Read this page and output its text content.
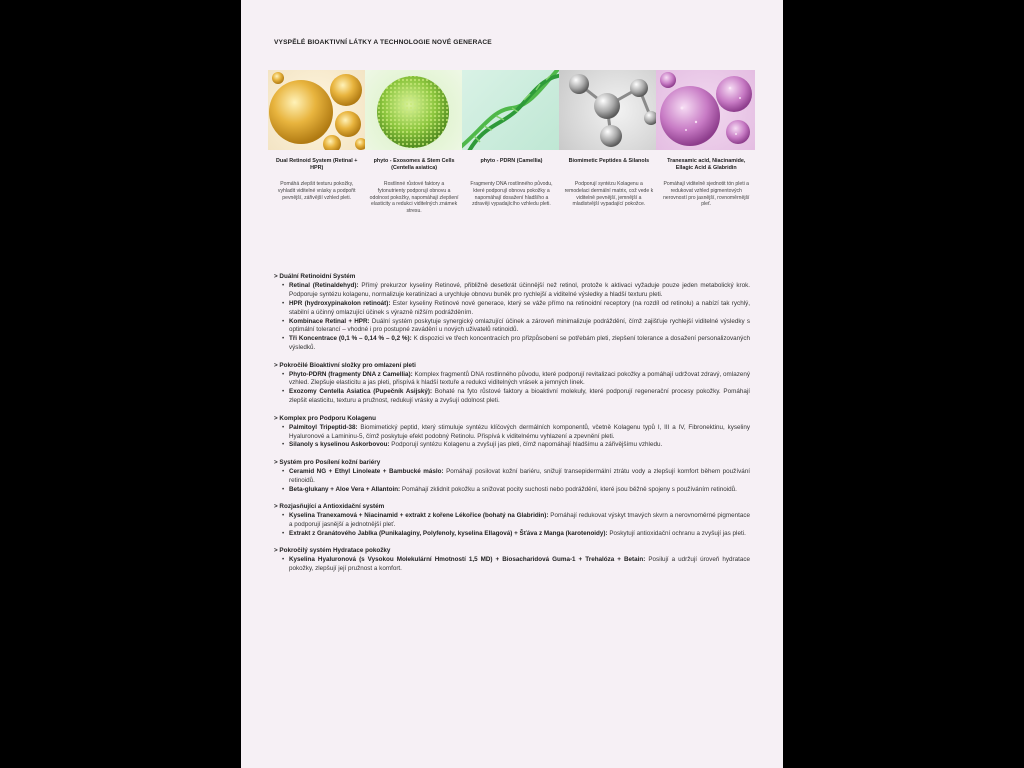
VYSPĚLÉ BIOAKTIVNÍ LÁTKY A TECHNOLOGIE NOVÉ GENERACE
Dual Retinoid System (Retinal + HPR)
Pomáhá zlepšit texturu pokožky, vyhladit viditelné vrásky a podpořit pevnější, zářivější vzhled pleti.
phyto - Exosomes & Stem Cells (Centella asiatica)
Rostlinné růstové faktory a fytonutrienty podporují obnovu a odolnost pokožky, napomáhají zlepšení elasticity a redukci viditelných známek stresu.
phyto - PDRN (Camellia)
Fragmenty DNA rostlinného původu, které podporují obnovu pokožky a napomáhají dosažení hladšího a zdravěji vypadajícího vzhledu pleti.
Biomimetic Peptides & Silanols
Podporují syntézu Kolagenu a remodelaci dermální matrix, což vede k viditelně pevnější, jemnější a mladistvější vypadající pokožce.
Tranexamic acid, Niacinamide, Ellagic Acid & Glabridin
Pomáhají viditelně sjednotit tón pleti a redukovat vzhled pigmentových nerovností pro jasnější, rovnoměrnější pleť.
> Duální Retinoidní Systém
• Retinal (Retinaldehyd): Přímý prekurzor kyseliny Retinové, přibližně desetkrát účinnější než retinol, protože k aktivaci vyžaduje pouze jeden metabolický krok. Podporuje syntézu kolagenu, normalizuje keratinizaci a urychluje obnovu buněk pro rychlejší a viditelné výsledky a hladší texturu pleti.
• HPR (hydroxypinakolon retinoát): Ester kyseliny Retinové nové generace, který se váže přímo na retinoidní receptory (na rozdíl od retinolu) a nabízí tak rychlý, stabilní a účinný omlazující účinek s výrazně nižším podrážděním.
• Kombinace Retinal + HPR: Duální systém poskytuje synergický omlazující účinek a zároveň minimalizuje podráždění, čímž zajišťuje rychlejší viditelné výsledky s optimální tolerancí – vhodné i pro postupné zavádění u nových uživatelů retinoidů.
• Tři Koncentrace (0,1 % – 0,14 % – 0,2 %): K dispozici ve třech koncentracích pro přizpůsobení se potřebám pleti, zlepšení tolerance a dosažení personalizovaných výsledků.
> Pokročilé Bioaktivní složky pro omlazení pleti
• Phyto-PDRN (fragmenty DNA z Camellia): Komplex fragmentů DNA rostlinného původu, které podporují revitalizaci pokožky a pomáhají udržovat zdravý, omlazený vzhled. Zlepšuje elasticitu a jas pleti, přispívá k hladší textuře a redukci viditelných vrásek a jemných linek.
• Exozomy Centella Asiatica (Pupečník Asijský): Bohaté na fyto růstové faktory a bioaktivní molekuly, které podporují regenerační procesy pokožky. Pomáhají zlepšit elasticitu, texturu a pružnost, redukují vrásky a zvyšují odolnost pleti.
> Komplex pro Podporu Kolagenu
• Palmitoyl Tripeptid-38: Biomimetický peptid, který stimuluje syntézu klíčových dermálních komponentů, včetně Kolagenu typů I, III a IV, Fibronektinu, kyseliny Hyaluronové a Lamininu-5, čímž poskytuje efekt podobný Retinolu. Přispívá k viditelnému vyhlazení a zpevnění pleti.
• Silanoly s kyselinou Askorbovou: Podporují syntézu Kolagenu a zvyšují jas pleti, čímž napomáhají hladšímu a zářivějšímu vzhledu.
> Systém pro Posílení kožní bariéry
• Ceramid NG + Ethyl Linoleate + Bambucké máslo: Pomáhají posilovat kožní bariéru, snižují transepidermální ztrátu vody a zlepšují komfort během používání retinoidů.
• Beta-glukany + Aloe Vera + Allantoin: Pomáhají zklidnit pokožku a snižovat pocity suchosti nebo podráždění, které jsou běžně spojeny s používáním retinoidů.
> Rozjasňující a Antioxidační systém
• Kyselina Tranexamová + Niacinamid + extrakt z kořene Lékořice (bohatý na Glabridin): Pomáhají redukovat výskyt tmavých skvrn a nerovnoměrné pigmentace a podporují jasnější a jednotnější pleť.
• Extrakt z Granátového Jablka (Punikalaginy, Polyfenoly, kyselina Ellagová) + Šťáva z Manga (karotenoidy): Poskytují antioxidační ochranu a zvyšují jas pleti.
> Pokročilý systém Hydratace pokožky
• Kyselina Hyaluronová (s Vysokou Molekulární Hmotností 1,5 MD) + Biosacharidová Guma-1 + Trehalóza + Betain: Posilují a udržují úroveň hydratace pokožky, zlepšují její pružnost a komfort.
